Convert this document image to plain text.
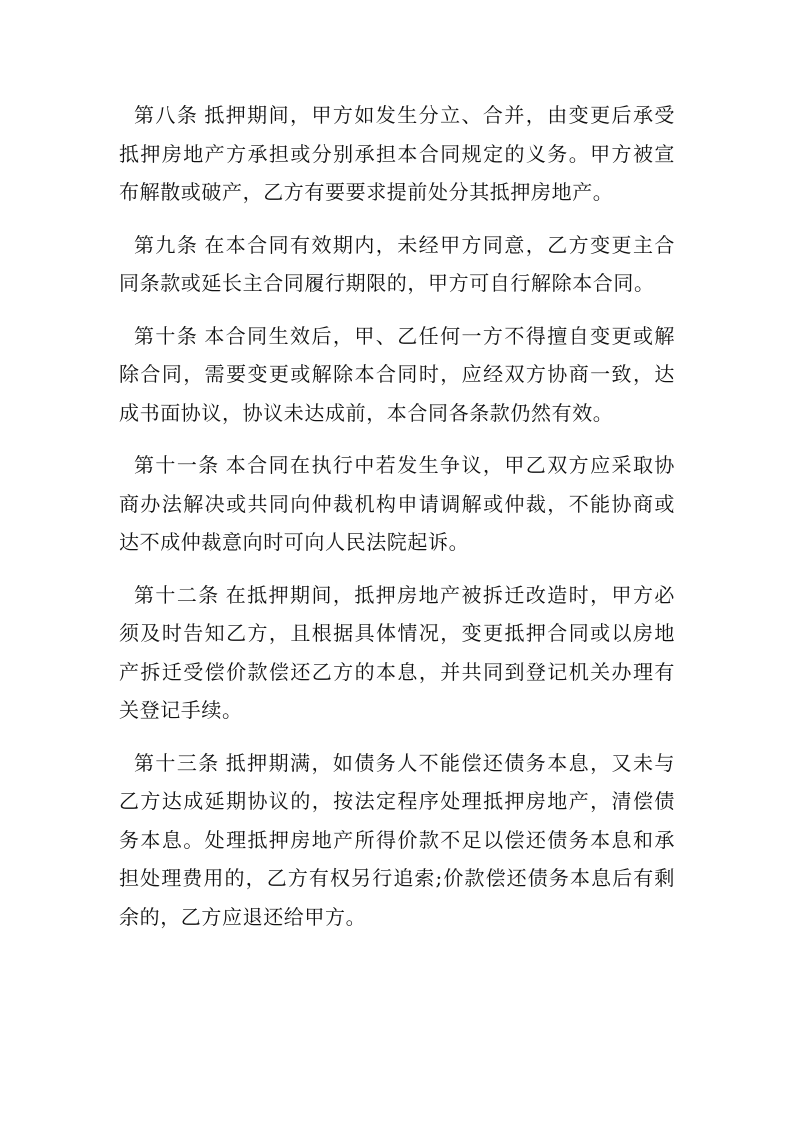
第八条 抵押期间，甲方如发生分立、合并，由变更后承受抵押房地产方承担或分别承担本合同规定的义务。甲方被宣布解散或破产，乙方有要要求提前处分其抵押房地产。

第九条 在本合同有效期内，未经甲方同意，乙方变更主合同条款或延长主合同履行期限的，甲方可自行解除本合同。

第十条 本合同生效后，甲、乙任何一方不得擅自变更或解除合同，需要变更或解除本合同时，应经双方协商一致，达成书面协议，协议未达成前，本合同各条款仍然有效。

第十一条 本合同在执行中若发生争议，甲乙双方应采取协商办法解决或共同向仲裁机构申请调解或仲裁，不能协商或达不成仲裁意向时可向人民法院起诉。

第十二条 在抵押期间，抵押房地产被拆迁改造时，甲方必须及时告知乙方，且根据具体情况，变更抵押合同或以房地产拆迁受偿价款偿还乙方的本息，并共同到登记机关办理有关登记手续。

第十三条 抵押期满，如债务人不能偿还债务本息，又未与乙方达成延期协议的，按法定程序处理抵押房地产，清偿债务本息。处理抵押房地产所得价款不足以偿还债务本息和承担处理费用的，乙方有权另行追索;价款偿还债务本息后有剩余的，乙方应退还给甲方。
